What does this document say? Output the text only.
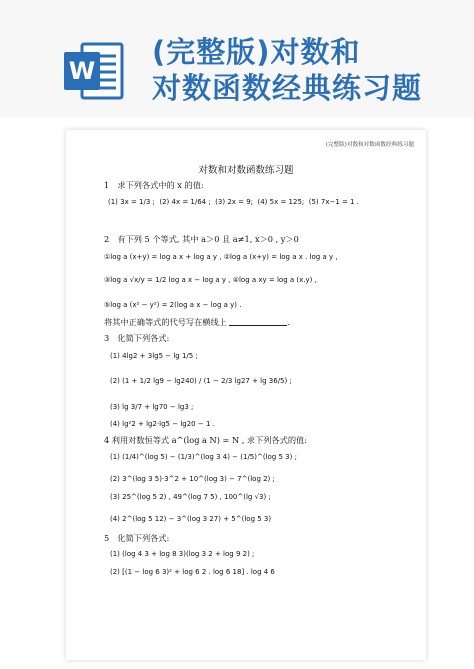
W
(完整版)对数和
对数函数经典练习题
(完整版)对数和对数函数经典练习题
对数和对数函数练习题
1　求下列各式中的 x 的值:
(1) 3x = 1/3 ; (2) 4x = 1/64 ; (3) 2x = 9; (4) 5x = 125; (5) 7x−1 = 1 .
2　有下列 5 个等式, 其中 a＞0 且 a≠1, x＞0 , y＞0
①log a (x+y) = log a x + log a y , ②log a (x+y) = log a x . log a y ,
③log a √x/y = 1/2 log a x − log a y , ④log a xy = log a (x.y) ,
⑤log a (x² − y²) = 2(log a x − log a y) .
将其中正确等式的代号写在横线上	.
3　化简下列各式:
(1) 4lg2 + 3lg5 − lg 1/5 ;
(2) (1 + 1/2 lg9 − lg240) / (1 − 2/3 lg27 + lg 36/5) ;
(3) lg 3/7 + lg70 − lg3 ;
(4) lg²2 + lg2·lg5 − lg20 − 1 .
4 利用对数恒等式 a^(log a N) = N , 求下列各式的值:
(1) (1/4)^(log 5) − (1/3)^(log 3 4) − (1/5)^(log 5 3) ;
(2) 3^(log 3 5)·3^2 + 10^(log 3) − 7^(log 2) ;
(3) 25^(log 5 2) , 49^(log 7 5) , 100^(lg √3) ;
(4) 2^(log 5 12) − 3^(log 3 27) + 5^(log 5 3)
5　化简下列各式:
(1) (log 4 3 + log 8 3)(log 3 2 + log 9 2) ;
(2) [(1 − log 6 3)² + log 6 2 . log 6 18] . log 4 6
